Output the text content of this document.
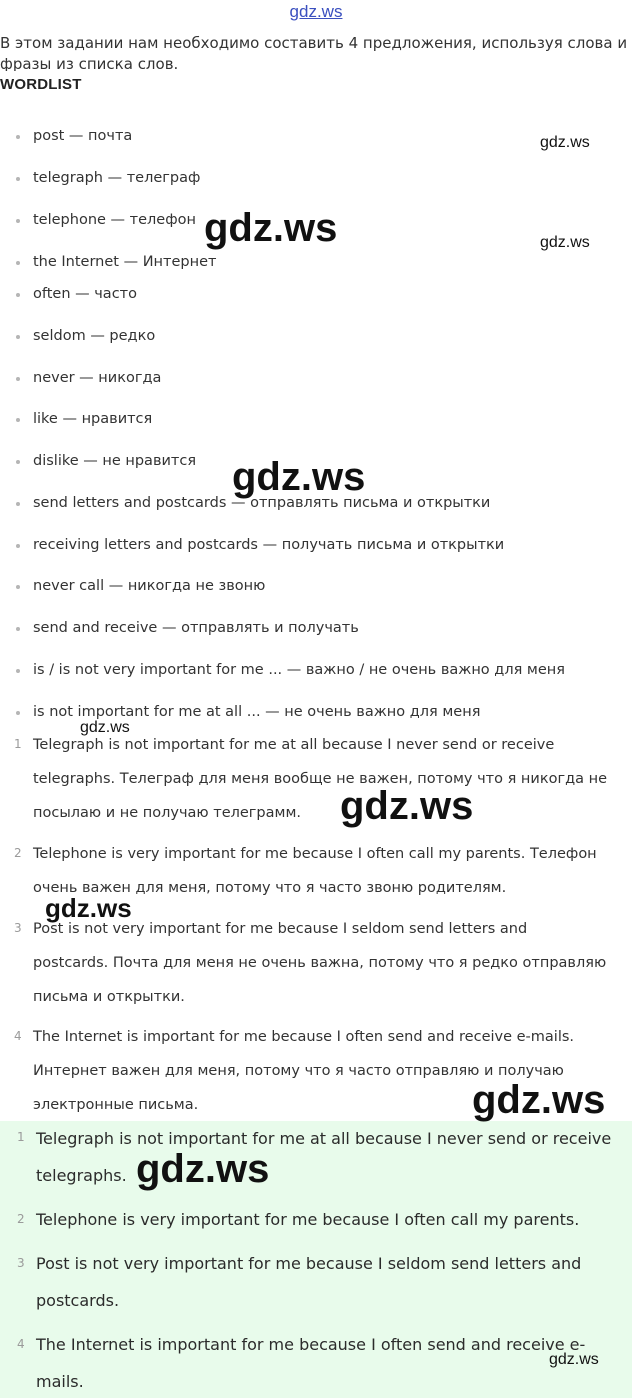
gdz.ws
В этом задании нам необходимо составить 4 предложения, используя слова и
фразы из списка слов.
WORDLIST
post — почта
telegraph — телеграф
telephone — телефон
the Internet — Интернет
often — часто
seldom — редко
never — никогда
like — нравится
dislike — не нравится
send letters and postcards — отправлять письма и открытки
receiving letters and postcards — получать письма и открытки
never call — никогда не звоню
send and receive — отправлять и получать
is / is not very important for me ... — важно / не очень важно для меня
is not important for me at all ... — не очень важно для меня
1 Telegraph is not important for me at all because I never send or receive
telegraphs. Телеграф для меня вообще не важен, потому что я никогда не
посылаю и не получаю телеграмм.
2 Telephone is very important for me because I often call my parents. Телефон
очень важен для меня, потому что я часто звоню родителям.
3 Post is not very important for me because I seldom send letters and
postcards. Почта для меня не очень важна, потому что я редко отправляю
письма и открытки.
4 The Internet is important for me because I often send and receive e-mails.
Интернет важен для меня, потому что я часто отправляю и получаю
электронные письма.
1 Telegraph is not important for me at all because I never send or receive
telegraphs.
2 Telephone is very important for me because I often call my parents.
3 Post is not very important for me because I seldom send letters and
postcards.
4 The Internet is important for me because I often send and receive e-
mails.
gdz.ws
gdz.ws	gdz.ws
gdz.ws
gdz.ws
gdz.ws
gdz.ws
gdz.ws
gdz.ws
gdz.ws
